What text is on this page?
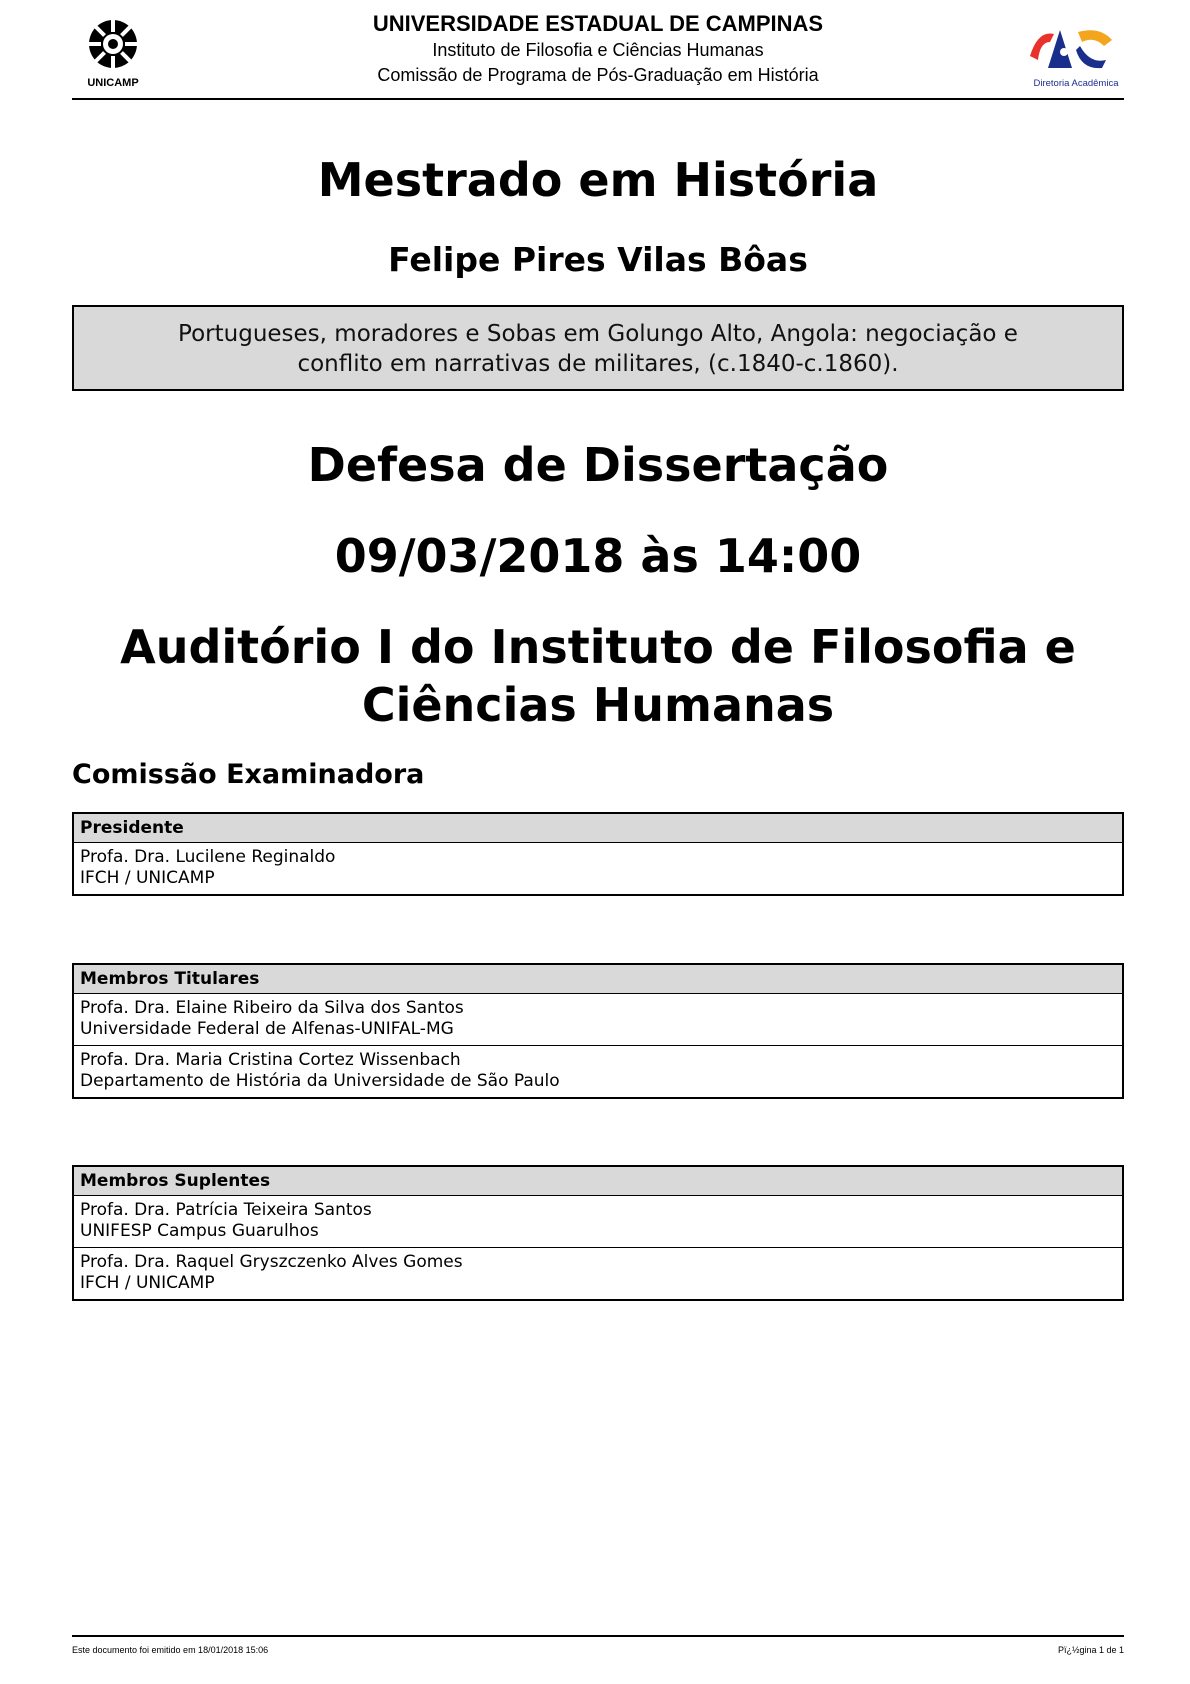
UNICAMP
UNIVERSIDADE ESTADUAL DE CAMPINAS
Instituto de Filosofia e Ciências Humanas
Comissão de Programa de Pós-Graduação em História	Diretoria Acadêmica
Mestrado em História
Felipe Pires Vilas Bôas
Portugueses, moradores e Sobas em Golungo Alto, Angola: negociação e conflito em narrativas de militares, (c.1840-c.1860).
Defesa de Dissertação
09/03/2018 às 14:00
Auditório I do Instituto de Filosofia e Ciências Humanas
Comissão Examinadora
Presidente
Profa. Dra. Lucilene Reginaldo
IFCH / UNICAMP
Membros Titulares
Profa. Dra. Elaine Ribeiro da Silva dos Santos
Universidade Federal de Alfenas-UNIFAL-MG
Profa. Dra. Maria Cristina Cortez Wissenbach
Departamento de História da Universidade de São Paulo
Membros Suplentes
Profa. Dra. Patrícia Teixeira Santos
UNIFESP Campus Guarulhos
Profa. Dra. Raquel Gryszczenko Alves Gomes
IFCH / UNICAMP
Este documento foi emitido em 18/01/2018 15:06	Pï¿½gina 1 de 1
